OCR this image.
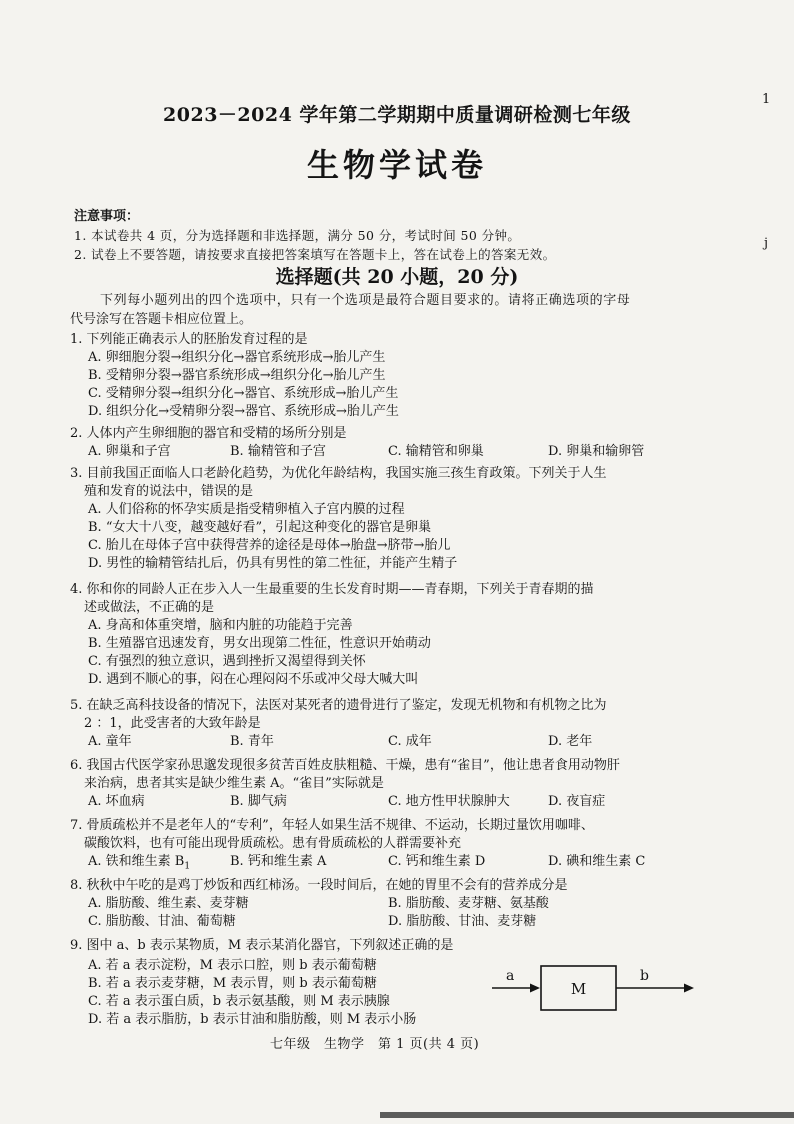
1
j
2023－2024 学年第二学期期中质量调研检测七年级
生物学试卷
注意事项：
1. 本试卷共 4 页，分为选择题和非选择题，满分 50 分，考试时间 50 分钟。
2. 试卷上不要答题，请按要求直接把答案填写在答题卡上，答在试卷上的答案无效。
选择题(共 20 小题，20 分)
下列每小题列出的四个选项中，只有一个选项是最符合题目要求的。请将正确选项的字母
代号涂写在答题卡相应位置上。
1. 下列能正确表示人的胚胎发育过程的是
A. 卵细胞分裂→组织分化→器官系统形成→胎儿产生
B. 受精卵分裂→器官系统形成→组织分化→胎儿产生
C. 受精卵分裂→组织分化→器官、系统形成→胎儿产生
D. 组织分化→受精卵分裂→器官、系统形成→胎儿产生
2. 人体内产生卵细胞的器官和受精的场所分别是
A. 卵巢和子宫	B. 输精管和子宫	C. 输精管和卵巢	D. 卵巢和输卵管
3. 目前我国正面临人口老龄化趋势，为优化年龄结构，我国实施三孩生育政策。下列关于人生
殖和发育的说法中，错误的是
A. 人们俗称的怀孕实质是指受精卵植入子宫内膜的过程
B. “女大十八变，越变越好看”，引起这种变化的器官是卵巢
C. 胎儿在母体子宫中获得营养的途径是母体→胎盘→脐带→胎儿
D. 男性的输精管结扎后，仍具有男性的第二性征，并能产生精子
4. 你和你的同龄人正在步入人一生最重要的生长发育时期——青春期，下列关于青春期的描
述或做法，不正确的是
A. 身高和体重突增，脑和内脏的功能趋于完善
B. 生殖器官迅速发育，男女出现第二性征，性意识开始萌动
C. 有强烈的独立意识，遇到挫折又渴望得到关怀
D. 遇到不顺心的事，闷在心理闷闷不乐或冲父母大喊大叫
5. 在缺乏高科技设备的情况下，法医对某死者的遗骨进行了鉴定，发现无机物和有机物之比为
2 ：1，此受害者的大致年龄是
A. 童年	B. 青年	C. 成年	D. 老年
6. 我国古代医学家孙思邈发现很多贫苦百姓皮肤粗糙、干燥，患有“雀目”，他让患者食用动物肝
来治病，患者其实是缺少维生素 A。“雀目”实际就是
A. 坏血病	B. 脚气病	C. 地方性甲状腺肿大	D. 夜盲症
7. 骨质疏松并不是老年人的“专利”，年轻人如果生活不规律、不运动，长期过量饮用咖啡、
碳酸饮料，也有可能出现骨质疏松。患有骨质疏松的人群需要补充
A. 铁和维生素 $B_1$	B. 钙和维生素 A	C. 钙和维生素 D	D. 碘和维生素 C
8. 秋秋中午吃的是鸡丁炒饭和西红柿汤。一段时间后，在她的胃里不会有的营养成分是
A. 脂肪酸、维生素、麦芽糖	B. 脂肪酸、麦芽糖、氨基酸
C. 脂肪酸、甘油、葡萄糖	D. 脂肪酸、甘油、麦芽糖
9. 图中 a、b 表示某物质，M 表示某消化器官，下列叙述正确的是
A. 若 a 表示淀粉，M 表示口腔，则 b 表示葡萄糖
B. 若 a 表示麦芽糖，M 表示胃，则 b 表示葡萄糖
C. 若 a 表示蛋白质，b 表示氨基酸，则 M 表示胰腺
D. 若 a 表示脂肪，b 表示甘油和脂肪酸，则 M 表示小肠
a
M
b
七年级　生物学　第 1 页(共 4 页)
